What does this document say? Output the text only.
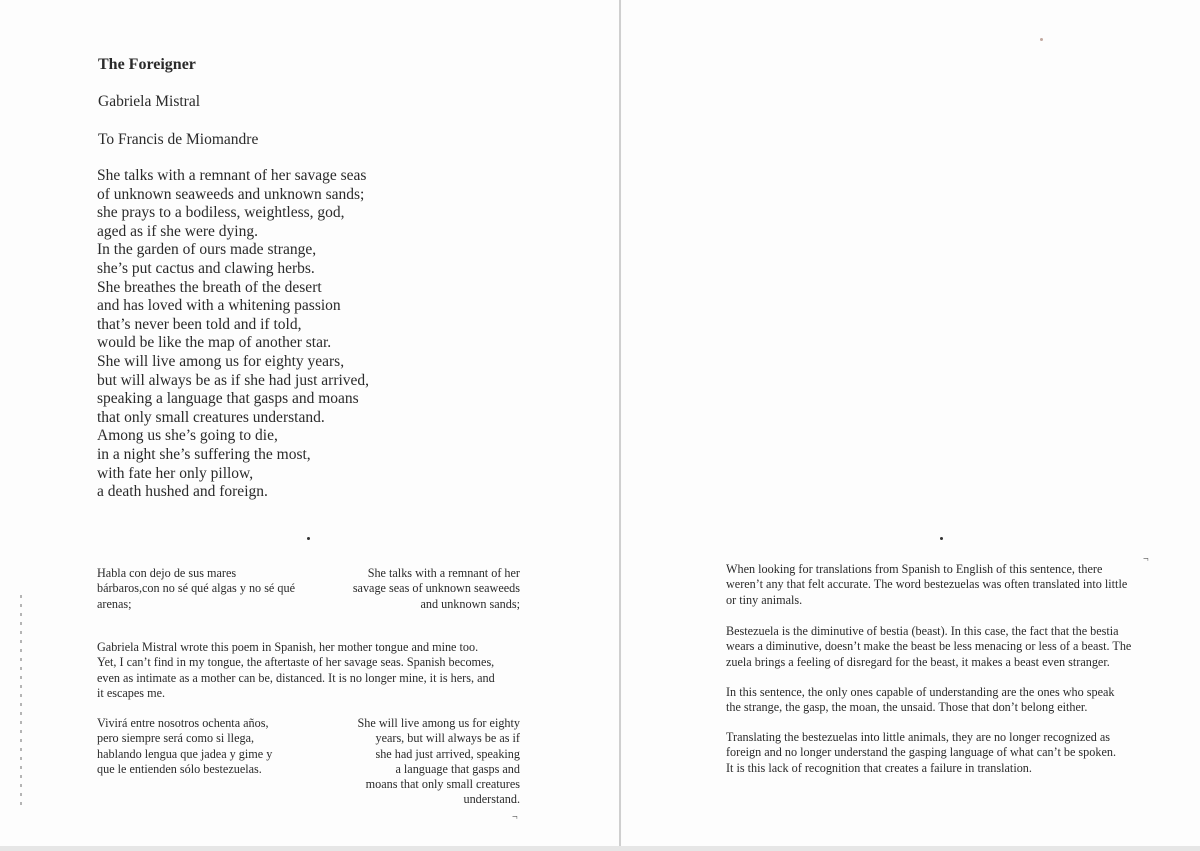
The Foreigner
Gabriela Mistral
To Francis de Miomandre
She talks with a remnant of her savage seas
of unknown seaweeds and unknown sands;
she prays to a bodiless, weightless, god,
aged as if she were dying.
In the garden of ours made strange,
she’s put cactus and clawing herbs.
She breathes the breath of the desert
and has loved with a whitening passion
that’s never been told and if told,
would be like the map of another star.
She will live among us for eighty years,
but will always be as if she had just arrived,
speaking a language that gasps and moans
that only small creatures understand.
Among us she’s going to die,
in a night she’s suffering the most,
with fate her only pillow,
a death hushed and foreign.
Habla con dejo de sus mares
bárbaros,con no sé qué algas y no sé qué
arenas;
She talks with a remnant of her
savage seas of unknown seaweeds
and unknown sands;
Gabriela Mistral wrote this poem in Spanish, her mother tongue and mine too.
Yet, I can’t find in my tongue, the aftertaste of her savage seas. Spanish becomes,
even as intimate as a mother can be, distanced. It is no longer mine, it is hers, and
it escapes me.
Vivirá entre nosotros ochenta años,
pero siempre será como si llega,
hablando lengua que jadea y gime y
que le entienden sólo bestezuelas.
She will live among us for eighty
years, but will always be as if
she had just arrived, speaking
a language that gasps and
moans that only small creatures
understand.
¬
¬
When looking for translations from Spanish to English of this sentence, there
weren’t any that felt accurate. The word bestezuelas was often translated into little
or tiny animals.
Bestezuela is the diminutive of bestia (beast). In this case, the fact that the bestia
wears a diminutive, doesn’t make the beast be less menacing or less of a beast. The
zuela brings a feeling of disregard for the beast, it makes a beast even stranger.
In this sentence, the only ones capable of understanding are the ones who speak
the strange, the gasp, the moan, the unsaid. Those that don’t belong either.
Translating the bestezuelas into little animals, they are no longer recognized as
foreign and no longer understand the gasping language of what can’t be spoken.
It is this lack of recognition that creates a failure in translation.
